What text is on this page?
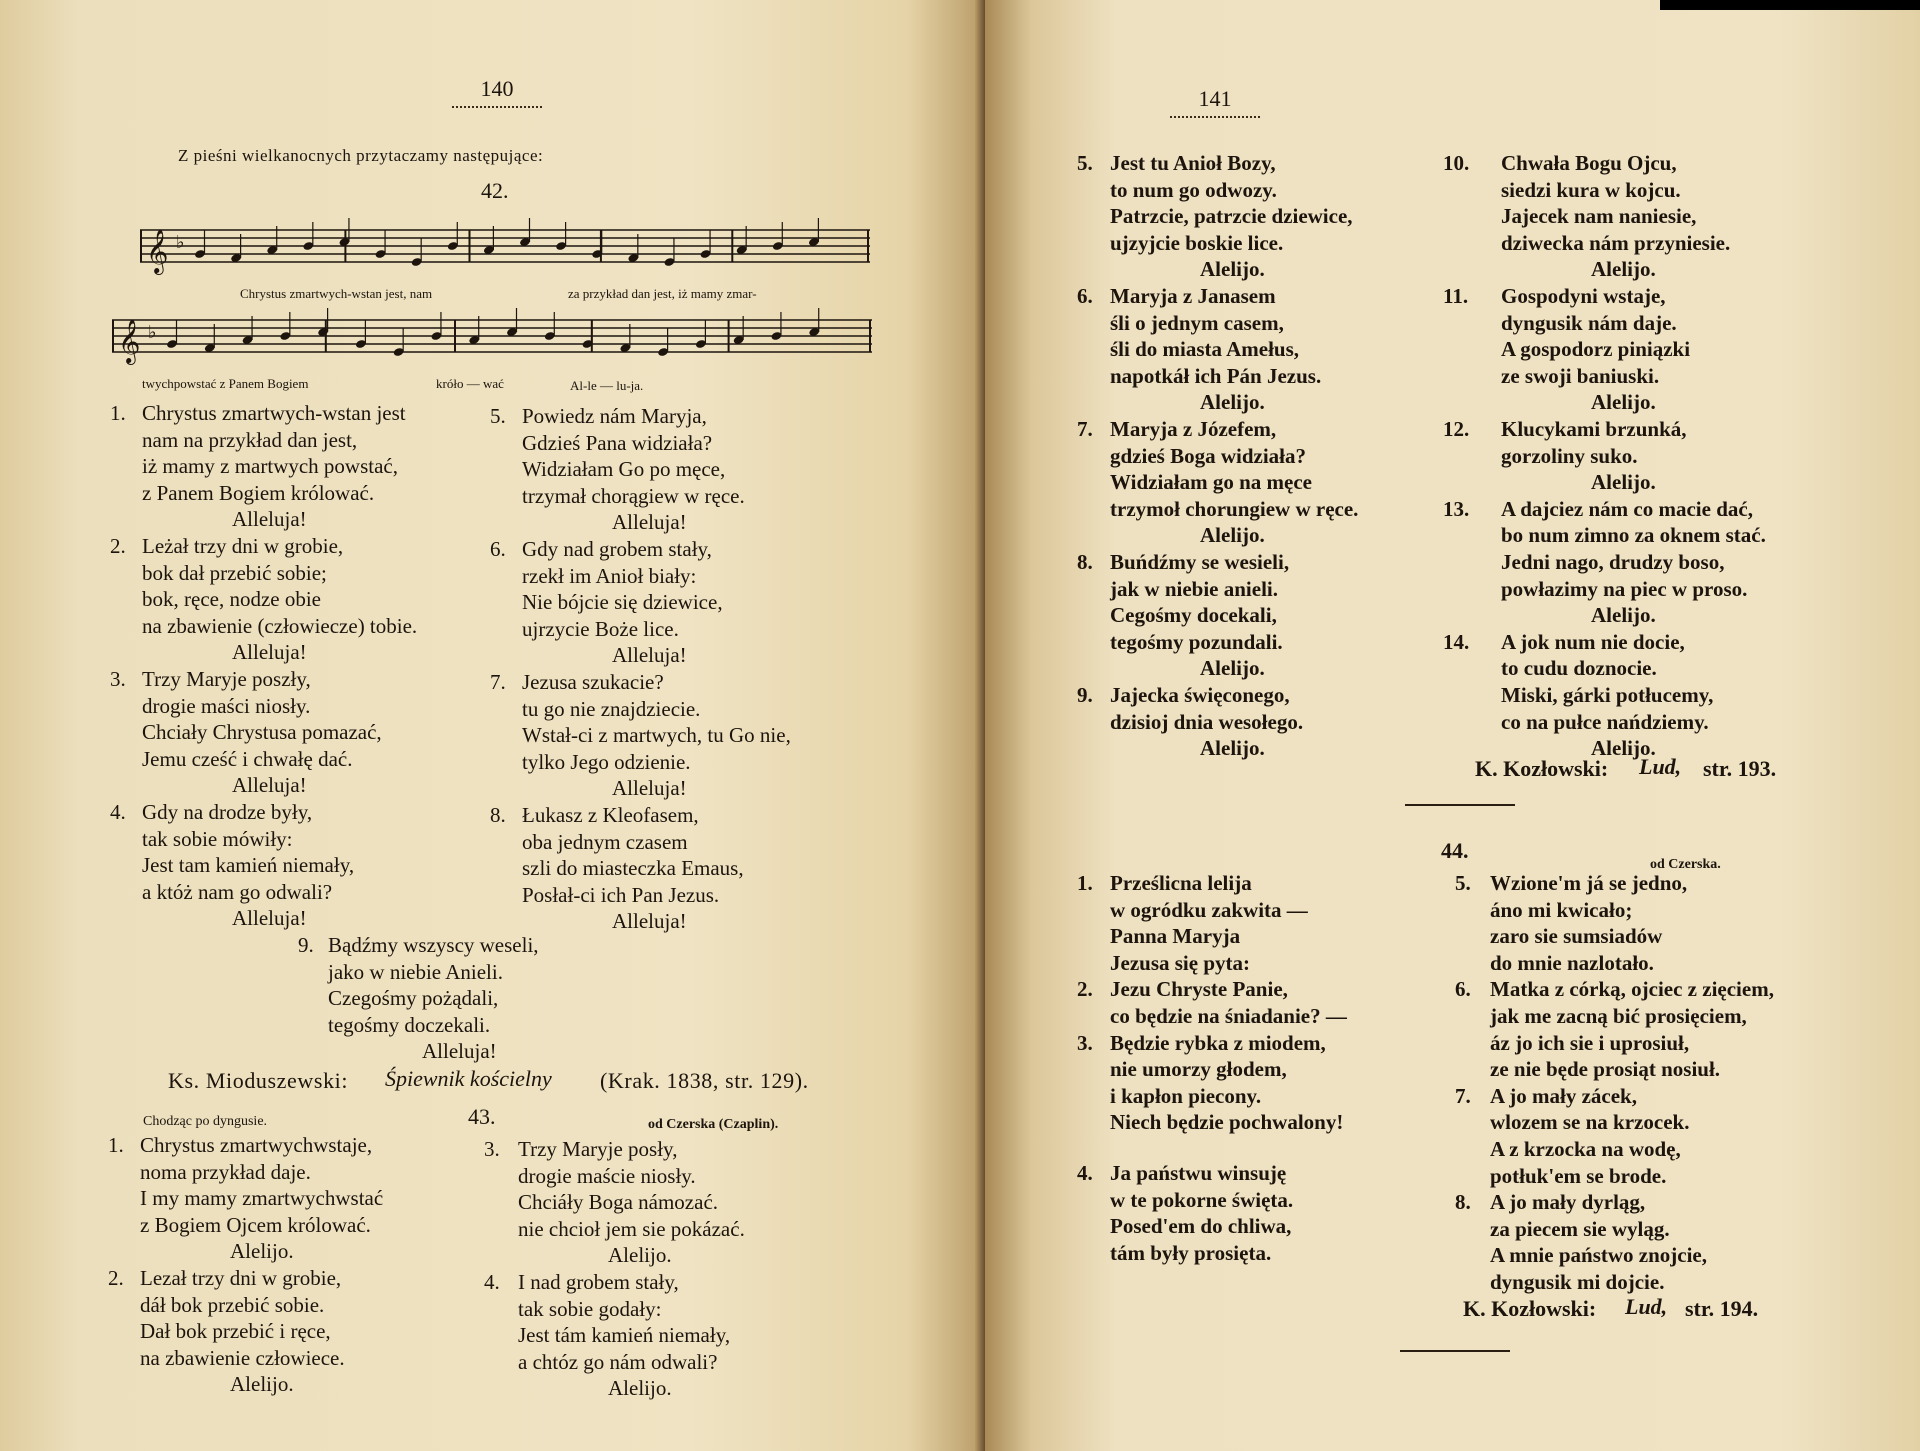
140
Z pieśni wielkanocnych przytaczamy następujące:
42.
𝄞 ♭
Chrystus zmartwych-wstan jest, nam	za przykład dan jest, iż mamy zmar-
𝄞 ♭
twychpowstać z Panem Bogiem	króło — wać	Al-le — lu-ja.
1. Chrystus zmartwych-wstan jest
nam na przykład dan jest,
iż mamy z martwych powstać,
z Panem Bogiem królować.
Alleluja!
2. Leżał trzy dni w grobie,
bok dał przebić sobie;
bok, ręce, nodze obie
na zbawienie (człowiecze) tobie.
Alleluja!
3. Trzy Maryje poszły,
drogie maści niosły.
Chciały Chrystusa pomazać,
Jemu cześć i chwałę dać.
Alleluja!
4. Gdy na drodze były,
tak sobie mówiły:
Jest tam kamień niemały,
a któż nam go odwali?
Alleluja!
5. Powiedz nám Maryja,
Gdzieś Pana widziała?
Widziałam Go po męce,
trzymał chorągiew w ręce.
Alleluja!
6. Gdy nad grobem stały,
rzekł im Anioł biały:
Nie bójcie się dziewice,
ujrzycie Boże lice.
Alleluja!
7. Jezusa szukacie?
tu go nie znajdziecie.
Wstał-ci z martwych, tu Go nie,
tylko Jego odzienie.
Alleluja!
8. Łukasz z Kleofasem,
oba jednym czasem
szli do miasteczka Emaus,
Posłał-ci ich Pan Jezus.
Alleluja!
9. Bądźmy wszyscy weseli,
jako w niebie Anieli.
Czegośmy pożądali,
tegośmy doczekali.
Alleluja!
Ks. Mioduszewski: Śpiewnik kościelny (Krak. 1838, str. 129).
Chodząc po dyngusie.	43.	od Czerska (Czaplin).
1. Chrystus zmartwychwstaje,
noma przykład daje.
I my mamy zmartwychwstać
z Bogiem Ojcem królować.
Alelijo.
2. Lezał trzy dni w grobie,
dáł bok przebić sobie.
Dał bok przebić i ręce,
na zbawienie człowiece.
Alelijo.
3. Trzy Maryje posły,
drogie maście niosły.
Chciáły Boga námozać.
nie chcioł jem sie pokázać.
Alelijo.
4. I nad grobem stały,
tak sobie godały:
Jest tám kamień niemały,
a chtóz go nám odwali?
Alelijo.
141
5. Jest tu Anioł Bozy,
to num go odwozy.
Patrzcie, patrzcie dziewice,
ujzyjcie boskie lice.
Alelijo.
6. Maryja z Janasem
śli o jednym casem,
śli do miasta Amełus,
napotkáł ich Pán Jezus.
Alelijo.
7. Maryja z Józefem,
gdzieś Boga widziała?
Widziałam go na męce
trzymoł chorungiew w ręce.
Alelijo.
8. Buńdźmy se wesieli,
jak w niebie anieli.
Cegośmy docekali,
tegośmy pozundali.
Alelijo.
9. Jajecka święconego,
dzisioj dnia wesołego.
Alelijo.
10. Chwała Bogu Ojcu,
siedzi kura w kojcu.
Jajecek nam naniesie,
dziwecka nám przyniesie.
Alelijo.
11. Gospodyni wstaje,
dyngusik nám daje.
A gospodorz piniązki
ze swoji baniuski.
Alelijo.
12. Klucykami brzunká,
gorzoliny suko.
Alelijo.
13. A dajciez nám co macie dać,
bo num zimno za oknem stać.
Jedni nago, drudzy boso,
powłazimy na piec w proso.
Alelijo.
14. A jok num nie docie,
to cudu doznocie.
Miski, gárki potłucemy,
co na pułce nańdziemy.
Alelijo.
K. Kozłowski: Lud, str. 193.
44.
od Czerska.
1. Prześlicna lelija
w ogródku zakwita —
Panna Maryja
Jezusa się pyta:
2. Jezu Chryste Panie,
co będzie na śniadanie? —
3. Będzie rybka z miodem,
nie umorzy głodem,
i kapłon piecony.
Niech będzie pochwalony!
4. Ja państwu winsuję
w te pokorne święta.
Posed'em do chliwa,
tám były prosięta.
5. Wzione'm já se jedno,
áno mi kwicało;
zaro sie sumsiadów
do mnie nazlotało.
6. Matka z córką, ojciec z zięciem,
jak me zacną bić prosięciem,
áz jo ich sie i uprosiuł,
ze nie będe prosiąt nosiuł.
7. A jo mały zácek,
wlozem se na krzocek.
A z krzocka na wodę,
potłuk'em se brode.
8. A jo mały dyrląg,
za piecem sie wyląg.
A mnie państwo znojcie,
dyngusik mi dojcie.
K. Kozłowski: Lud, str. 194.
